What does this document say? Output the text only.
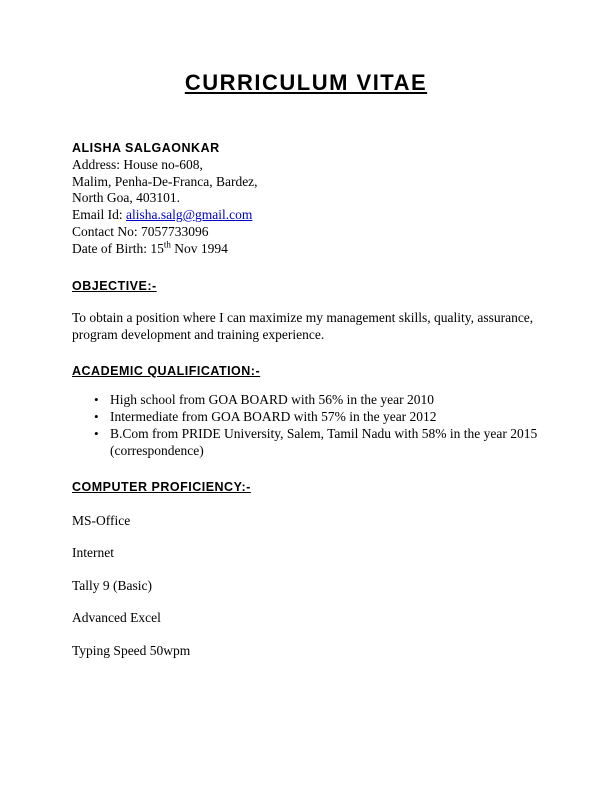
CURRICULUM VITAE

ALISHA SALGAONKAR

Address: House no-608,

Malim, Penha-De-Franca, Bardez,

North Goa, 403101.

Email Id: alisha.salg@gmail.com

Contact No: 7057733096

Date of Birth: 15th Nov 1994

OBJECTIVE:-

To obtain a position where I can maximize my management skills, quality, assurance, program development and training experience.

ACADEMIC QUALIFICATION:-
• High school from GOA BOARD with 56% in the year 2010
• Intermediate from GOA BOARD with 57% in the year 2012
• B.Com from PRIDE University, Salem, Tamil Nadu with 58% in the year 2015 (correspondence)
COMPUTER PROFICIENCY:-

MS-Office

Internet

Tally 9 (Basic)

Advanced Excel

Typing Speed 50wpm
